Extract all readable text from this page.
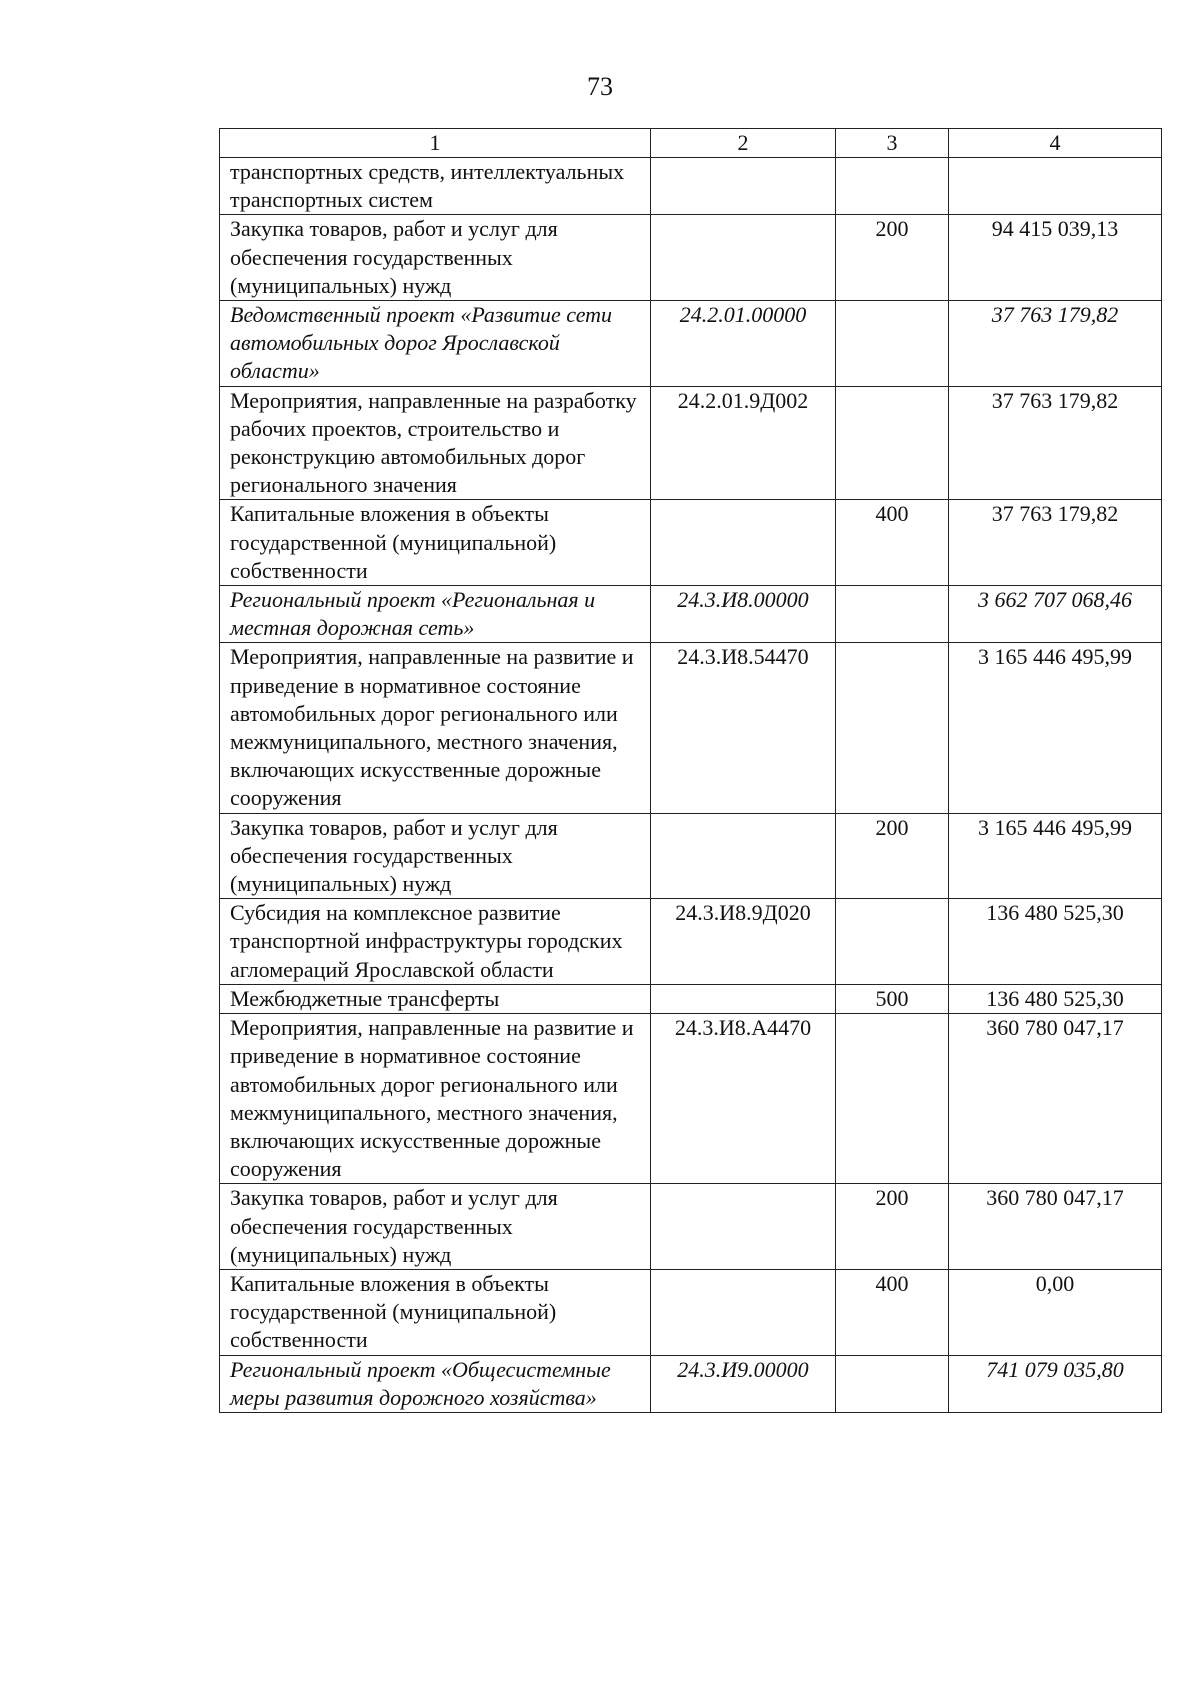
73
1	2	3	4
транспортных средств, интеллектуальных транспортных систем			
Закупка товаров, работ и услуг для обеспечения государственных (муниципальных) нужд		200	94 415 039,13
Ведомственный проект «Развитие сети автомобильных дорог Ярославской области»	24.2.01.00000		37 763 179,82
Мероприятия, направленные на разработку рабочих проектов, строительство и реконструкцию автомобильных дорог регионального значения	24.2.01.9Д002		37 763 179,82
Капитальные вложения в объекты государственной (муниципальной) собственности		400	37 763 179,82
Региональный проект «Региональная и местная дорожная сеть»	24.3.И8.00000		3 662 707 068,46
Мероприятия, направленные на развитие и приведение в нормативное состояние автомобильных дорог регионального или межмуниципального, местного значения, включающих искусственные дорожные сооружения	24.3.И8.54470		3 165 446 495,99
Закупка товаров, работ и услуг для обеспечения государственных (муниципальных) нужд		200	3 165 446 495,99
Субсидия на комплексное развитие транспортной инфраструктуры городских агломераций Ярославской области	24.3.И8.9Д020		136 480 525,30
Межбюджетные трансферты		500	136 480 525,30
Мероприятия, направленные на развитие и приведение в нормативное состояние автомобильных дорог регионального или межмуниципального, местного значения, включающих искусственные дорожные сооружения	24.3.И8.А4470		360 780 047,17
Закупка товаров, работ и услуг для обеспечения государственных (муниципальных) нужд		200	360 780 047,17
Капитальные вложения в объекты государственной (муниципальной) собственности		400	0,00
Региональный проект «Общесистемные меры развития дорожного хозяйства»	24.3.И9.00000		741 079 035,80
